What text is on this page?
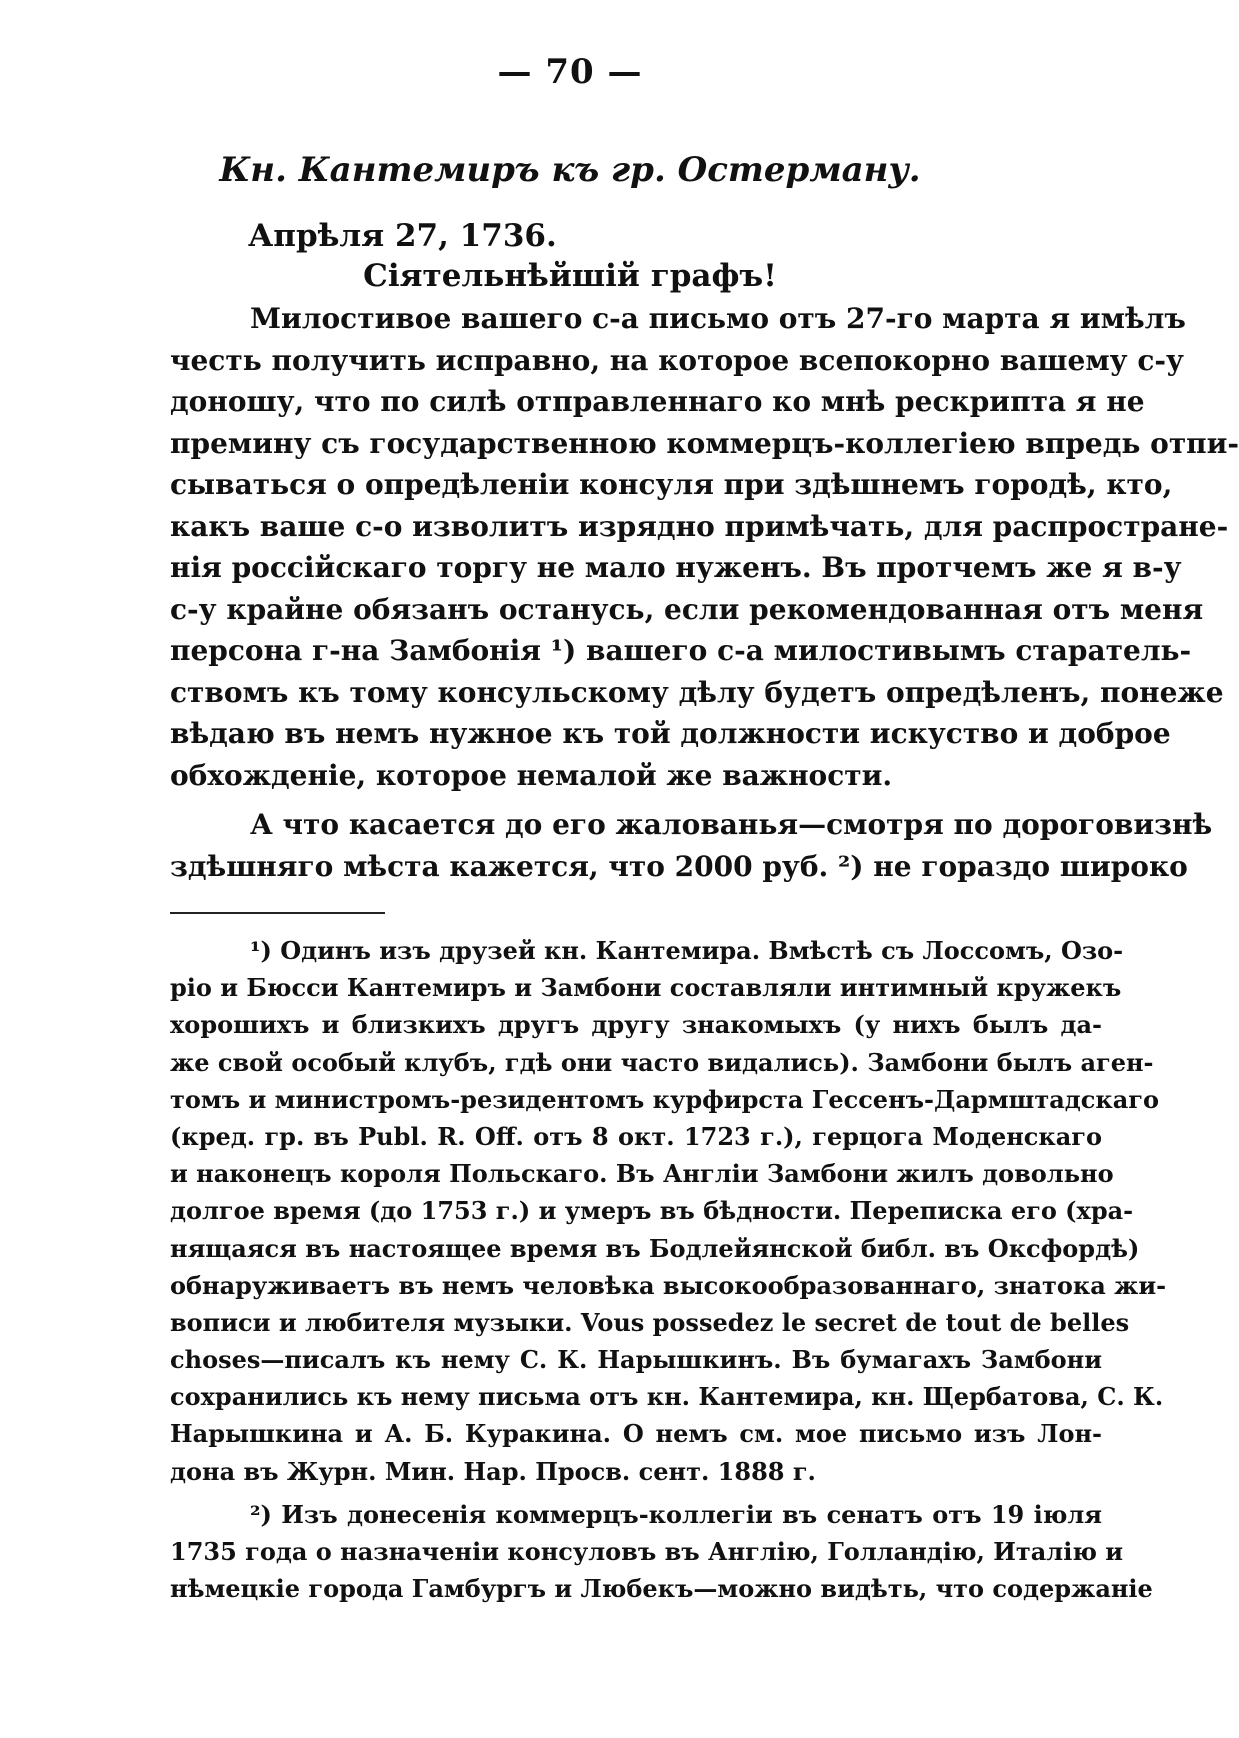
— 70 —
Кн. Кантемиръ къ гр. Остерману.
Апрѣля 27, 1736.
Сіятельнѣйшій графъ!
Милостивое вашего с-а письмо отъ 27-го марта я имѣлъ
честь получить исправно, на которое всепокорно вашему с-у
доношу, что по силѣ отправленнаго ко мнѣ рескрипта я не
премину съ государственною коммерцъ-коллегіею впредь отпи-
сываться о опредѣленіи консуля при здѣшнемъ городѣ, кто,
какъ ваше с-о изволитъ изрядно примѣчать, для распростране-
нія россійскаго торгу не мало нуженъ. Въ протчемъ же я в-у
с-у крайне обязанъ останусь, если рекомендованная отъ меня
персона г-на Замбонія ¹) вашего с-а милостивымъ старатель-
ствомъ къ тому консульскому дѣлу будетъ опредѣленъ, понеже
вѣдаю въ немъ нужное къ той должности искуство и доброе
обхожденіе, которое немалой же важности.
А что касается до его жалованья—смотря по дороговизнѣ
здѣшняго мѣста кажется, что 2000 руб. ²) не гораздо широко
¹) Одинъ изъ друзей кн. Кантемира. Вмѣстѣ съ Лоссомъ, Озо-
ріо и Бюсси Кантемиръ и Замбони составляли интимный кружекъ
хорошихъ и близкихъ другъ другу знакомыхъ (у нихъ былъ да-
же свой особый клубъ, гдѣ они часто видались). Замбони былъ аген-
томъ и министромъ-резидентомъ курфирста Гессенъ-Дармштадскаго
(кред. гр. въ Publ. R. Off. отъ 8 окт. 1723 г.), герцога Моденскаго
и наконецъ короля Польскаго. Въ Англіи Замбони жилъ довольно
долгое время (до 1753 г.) и умеръ въ бѣдности. Переписка его (хра-
нящаяся въ настоящее время въ Бодлейянской библ. въ Оксфордѣ)
обнаруживаетъ въ немъ человѣка высокообразованнаго, знатока жи-
вописи и любителя музыки. Vous possedez le secret de tout de belles
choses—писалъ къ нему С. К. Нарышкинъ. Въ бумагахъ Замбони
сохранились къ нему письма отъ кн. Кантемира, кн. Щербатова, С. К.
Нарышкина и А. Б. Куракина. О немъ см. мое письмо изъ Лон-
дона въ Журн. Мин. Нар. Просв. сент. 1888 г.
²) Изъ донесенія коммерцъ-коллегіи въ сенатъ отъ 19 іюля
1735 года о назначеніи консуловъ въ Англію, Голландію, Италію и
нѣмецкіе города Гамбургъ и Любекъ—можно видѣть, что содержаніе
